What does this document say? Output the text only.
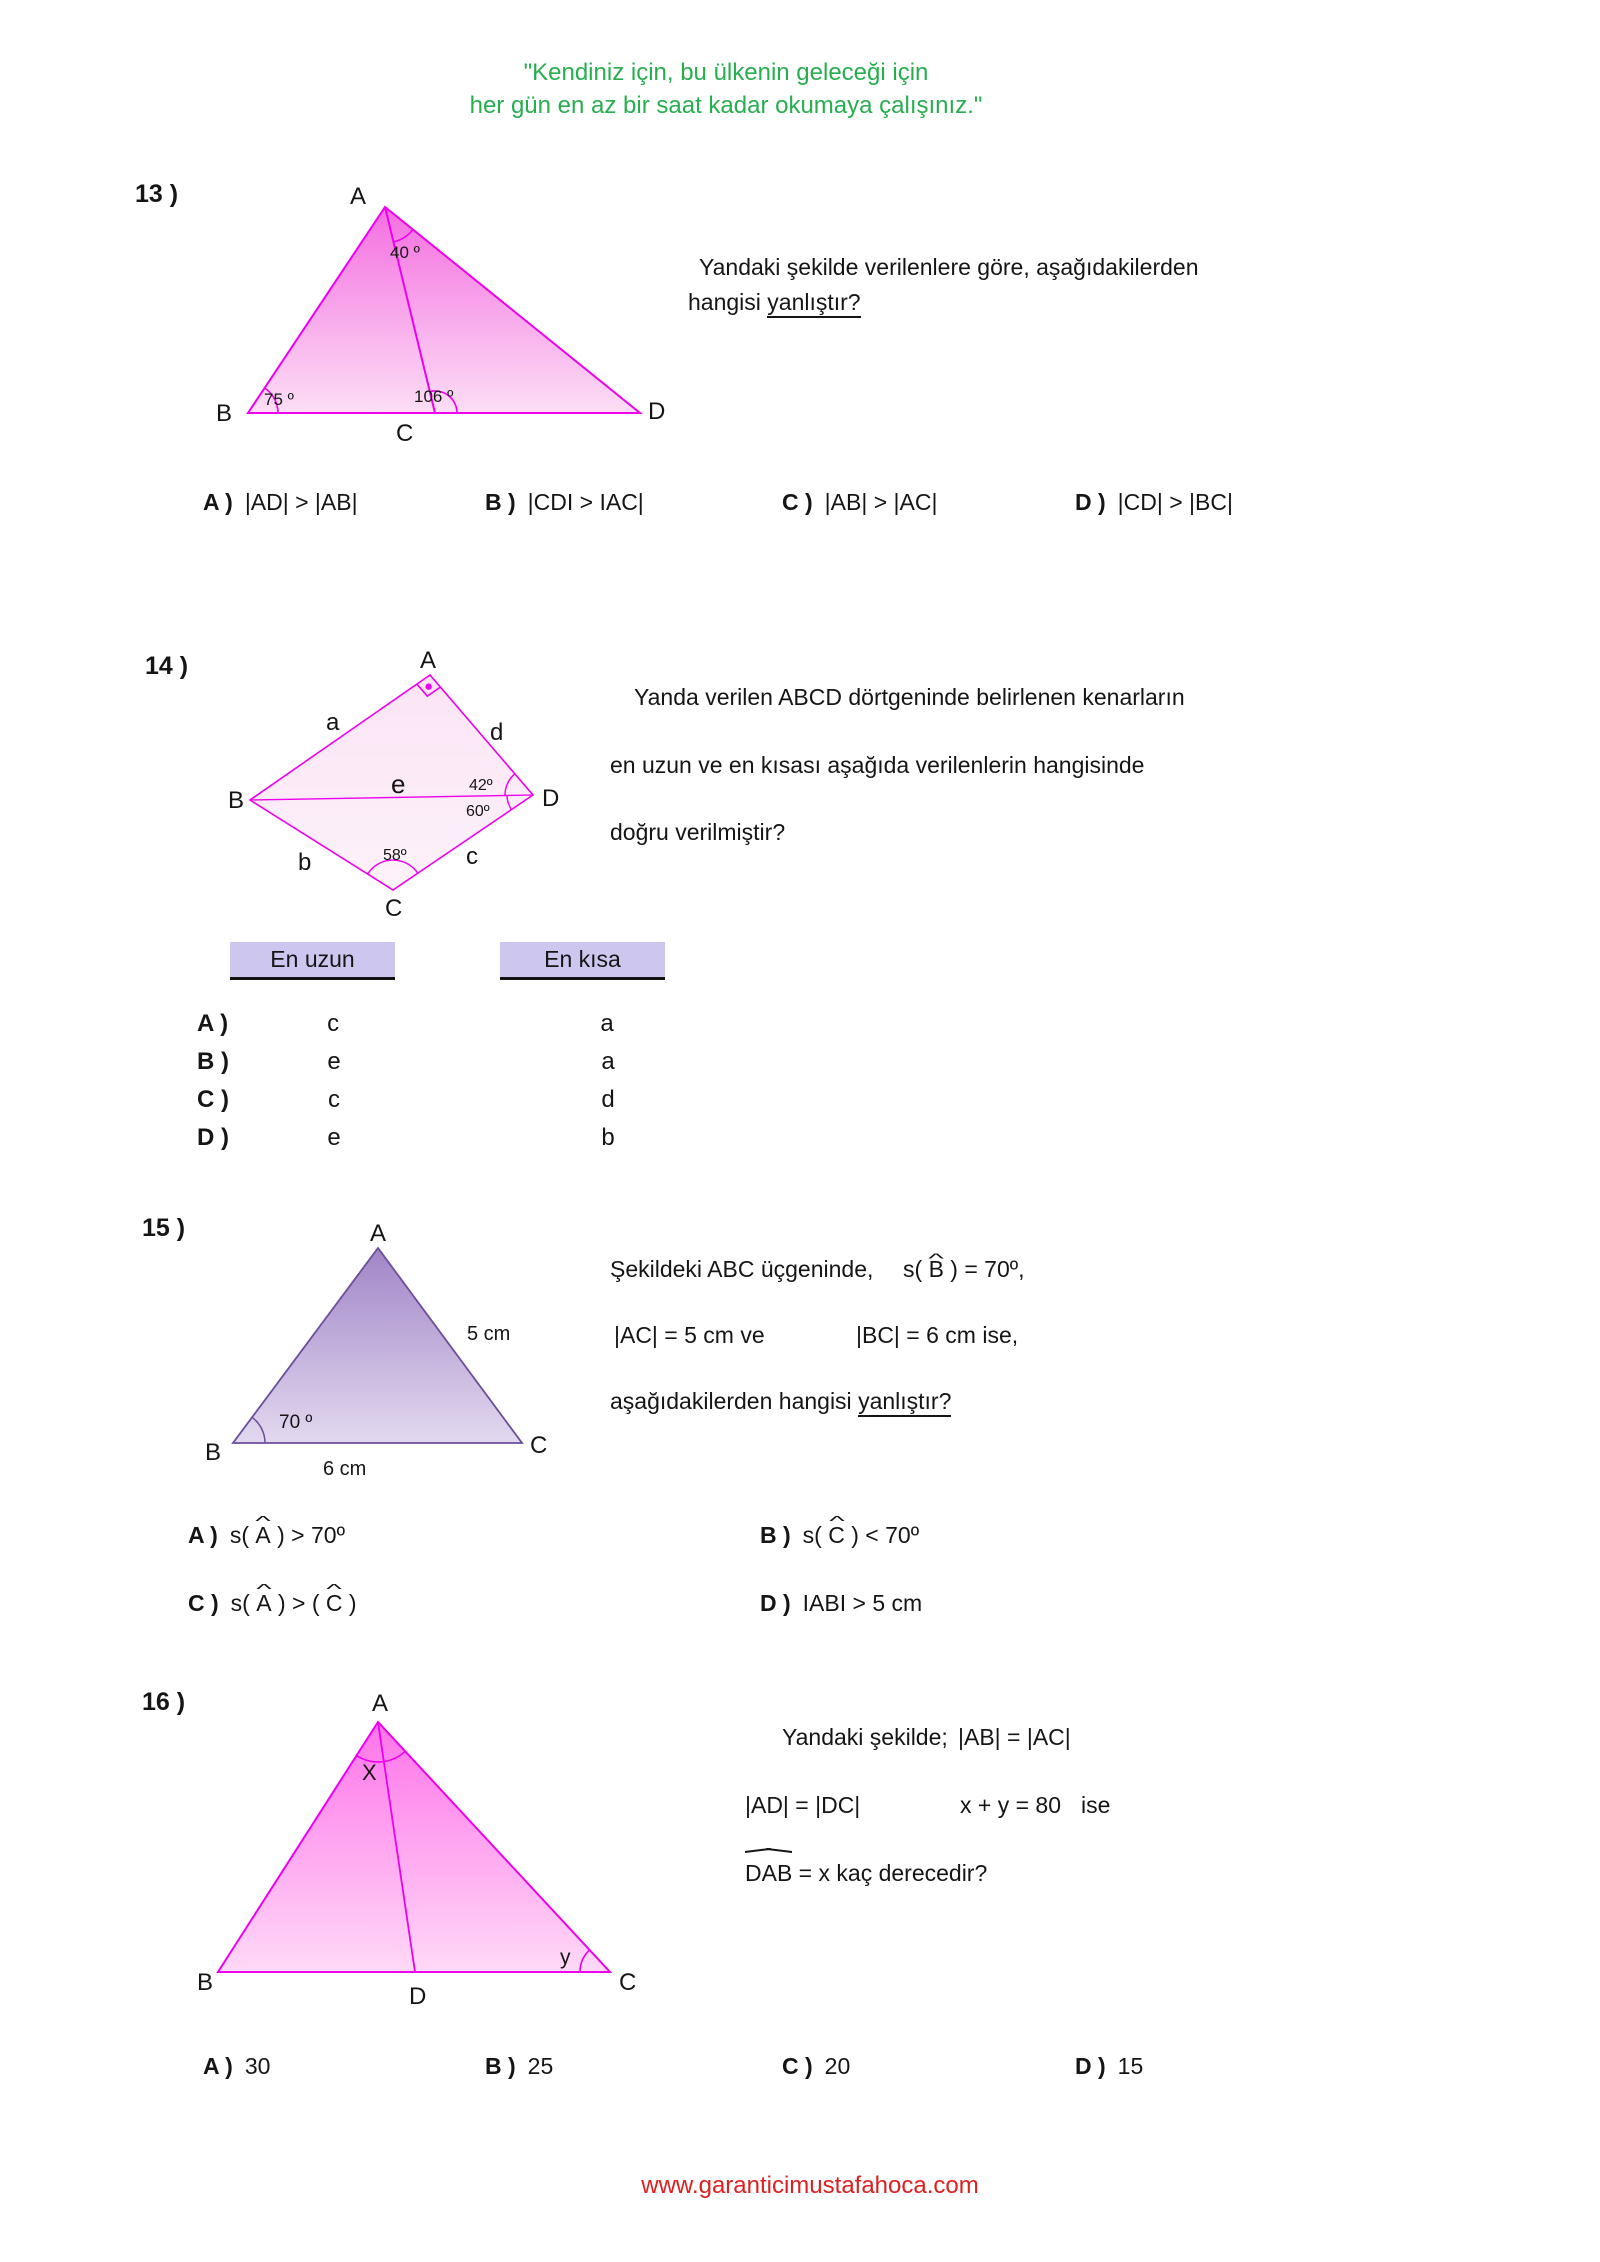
"Kendiniz için, bu ülkenin geleceği için
her gün en az bir saat kadar okumaya çalışınız."
13 )	A
B
C
D
40 º
75 º	106 º
Yandaki şekilde verilenlere göre, aşağıdakilerden
hangisi yanlıştır?
A ) |AD| > |AB|	B ) |CDI > IAC|	C ) |AB| > |AC|	D ) |CD| > |BC|
14 )	A
B
C
D
a	d
e
b	c
42º
60º
58º
Yanda verilen ABCD dörtgeninde belirlenen kenarların
en uzun ve en kısası aşağıda verilenlerin hangisinde
doğru verilmiştir?
En uzun	En kısa
A )	c	a
B )	e	a
C )	c	d
D )	e	b
15 )	A
B	C
5 cm
6 cm
70 º
Şekildeki ABC üçgeninde, s( ^ B ) = 70º,
|AC| = 5 cm ve	|BC| = 6 cm ise,
aşağıdakilerden hangisi yanlıştır?
A ) s( ^ A ) > 70º	B ) s( ^ C ) < 70º
C ) s( ^ A ) > ( ^ C )	D ) IABI > 5 cm
16 )	A
X
B
D
y
C
Yandaki şekilde; |AB| = |AC|
|AD| = |DC|	x + y = 80 ise
DAB = x kaç derecedir?
A ) 30	B ) 25	C ) 20	D ) 15
www.garanticimustafahoca.com
